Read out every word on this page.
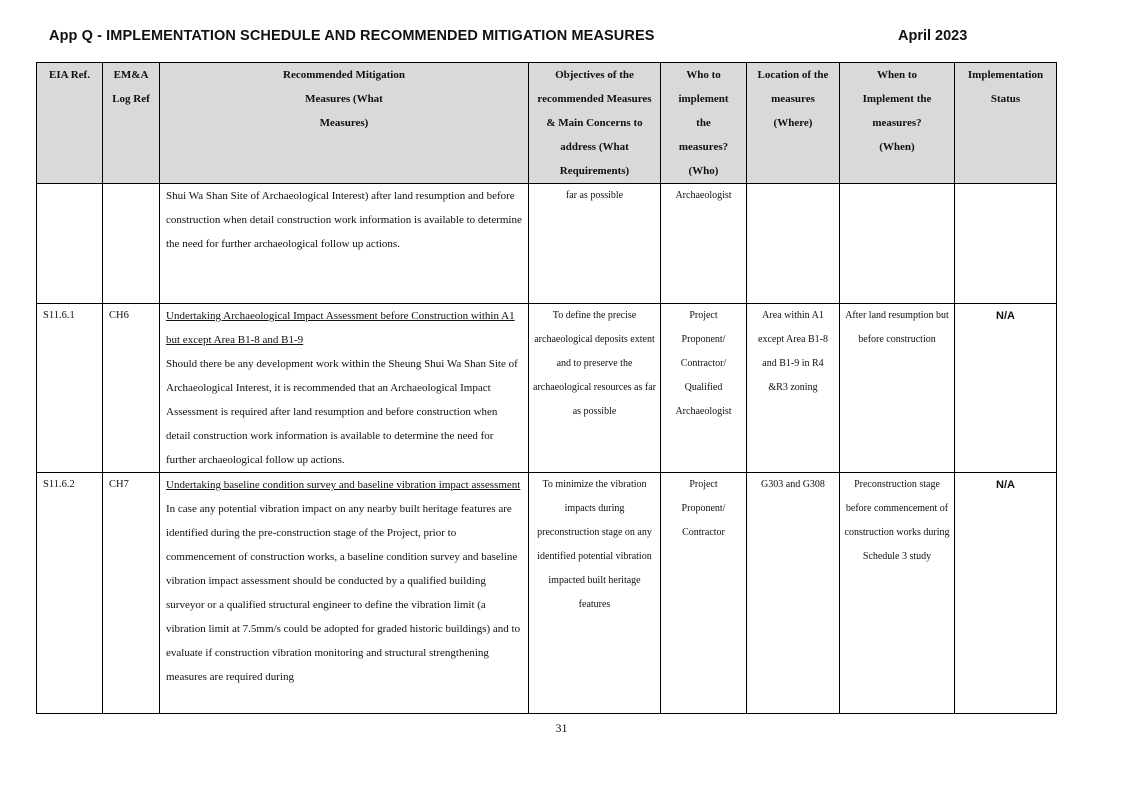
App Q - IMPLEMENTATION SCHEDULE AND RECOMMENDED MITIGATION MEASURES	April 2023
EIA Ref.	EM&A Log Ref	Recommended Mitigation Measures (What Measures)	Objectives of the recommended Measures & Main Concerns to address (What Requirements)	Who to implement the measures? (Who)	Location of the measures (Where)	When to Implement the measures? (When)	Implementation Status

		Shui Wa Shan Site of Archaeological Interest) after land resumption and before construction when detail construction work information is available to determine the need for further archaeological follow up actions.	far as possible	Archaeologist			

S11.6.1	CH6	Undertaking Archaeological Impact Assessment before Construction within A1 but except Area B1-8 and B1-9
Should there be any development work within the Sheung Shui Wa Shan Site of Archaeological Interest, it is recommended that an Archaeological Impact Assessment is required after land resumption and before construction when detail construction work information is available to determine the need for further archaeological follow up actions.	To define the precise archaeological deposits extent and to preserve the archaeological resources as far as possible	Project Proponent/ Contractor/ Qualified Archaeologist	Area within A1 except Area B1-8 and B1-9 in R4 &R3 zoning	After land resumption but before construction	N/A

S11.6.2	CH7	Undertaking baseline condition survey and baseline vibration impact assessment
In case any potential vibration impact on any nearby built heritage features are identified during the pre-construction stage of the Project, prior to commencement of construction works, a baseline condition survey and baseline vibration impact assessment should be conducted by a qualified building surveyor or a qualified structural engineer to define the vibration limit (a vibration limit at 7.5mm/s could be adopted for graded historic buildings) and to evaluate if construction vibration monitoring and structural strengthening measures are required during	To minimize the vibration impacts during preconstruction stage on any identified potential vibration impacted built heritage features	Project Proponent/ Contractor	G303 and G308	Preconstruction stage before commencement of construction works during Schedule 3 study	N/A
31
